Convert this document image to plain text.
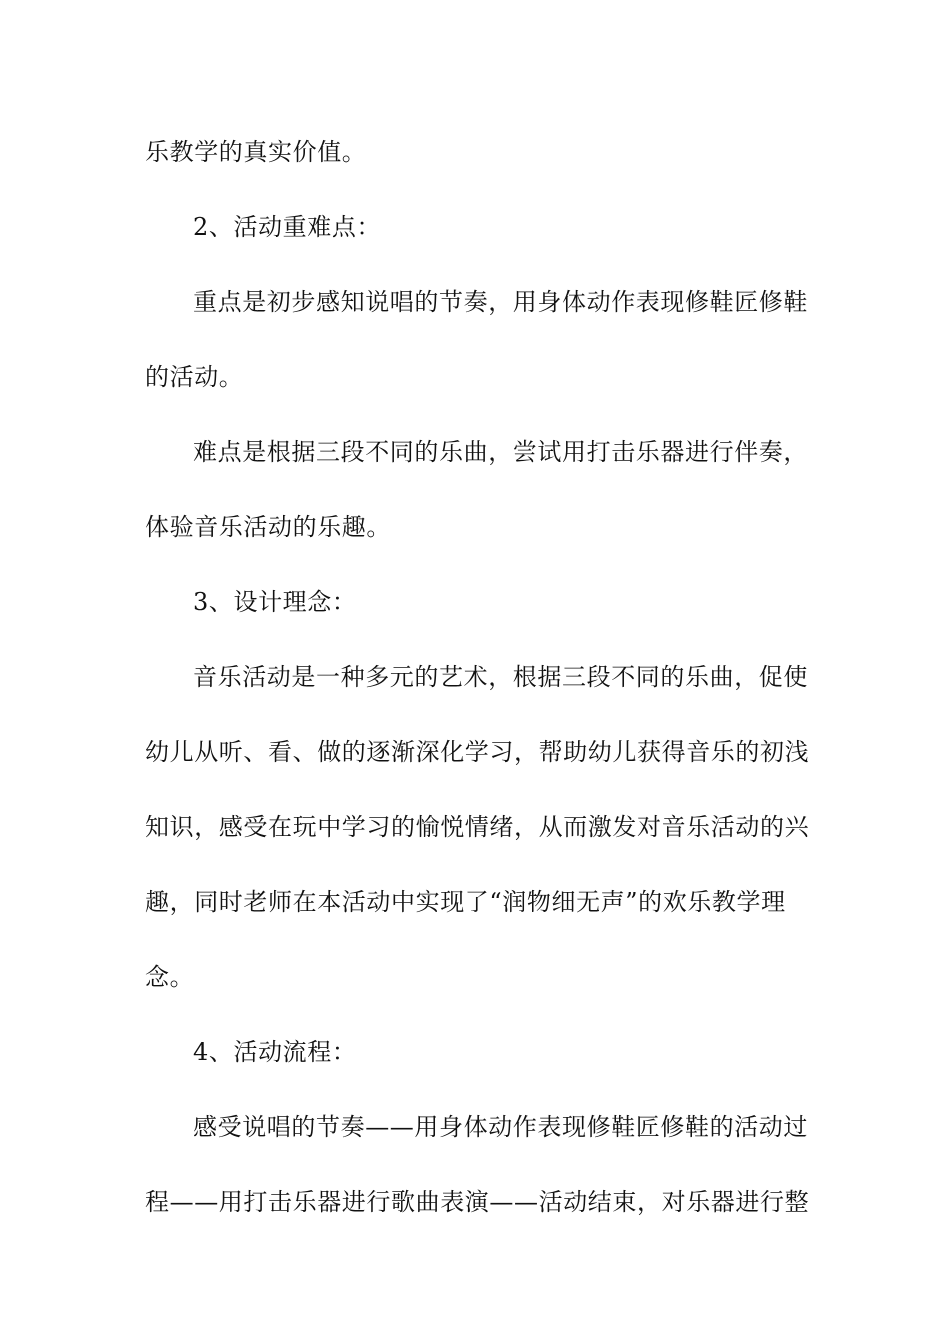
乐教学的真实价值。
2、活动重难点：
重点是初步感知说唱的节奏，用身体动作表现修鞋匠修鞋
的活动。
难点是根据三段不同的乐曲，尝试用打击乐器进行伴奏，
体验音乐活动的乐趣。
3、设计理念：
音乐活动是一种多元的艺术，根据三段不同的乐曲，促使
幼儿从听、看、做的逐渐深化学习，帮助幼儿获得音乐的初浅
知识，感受在玩中学习的愉悦情绪，从而激发对音乐活动的兴
趣，同时老师在本活动中实现了“润物细无声”的欢乐教学理
念。
4、活动流程：
感受说唱的节奏——用身体动作表现修鞋匠修鞋的活动过
程——用打击乐器进行歌曲表演——活动结束，对乐器进行整
